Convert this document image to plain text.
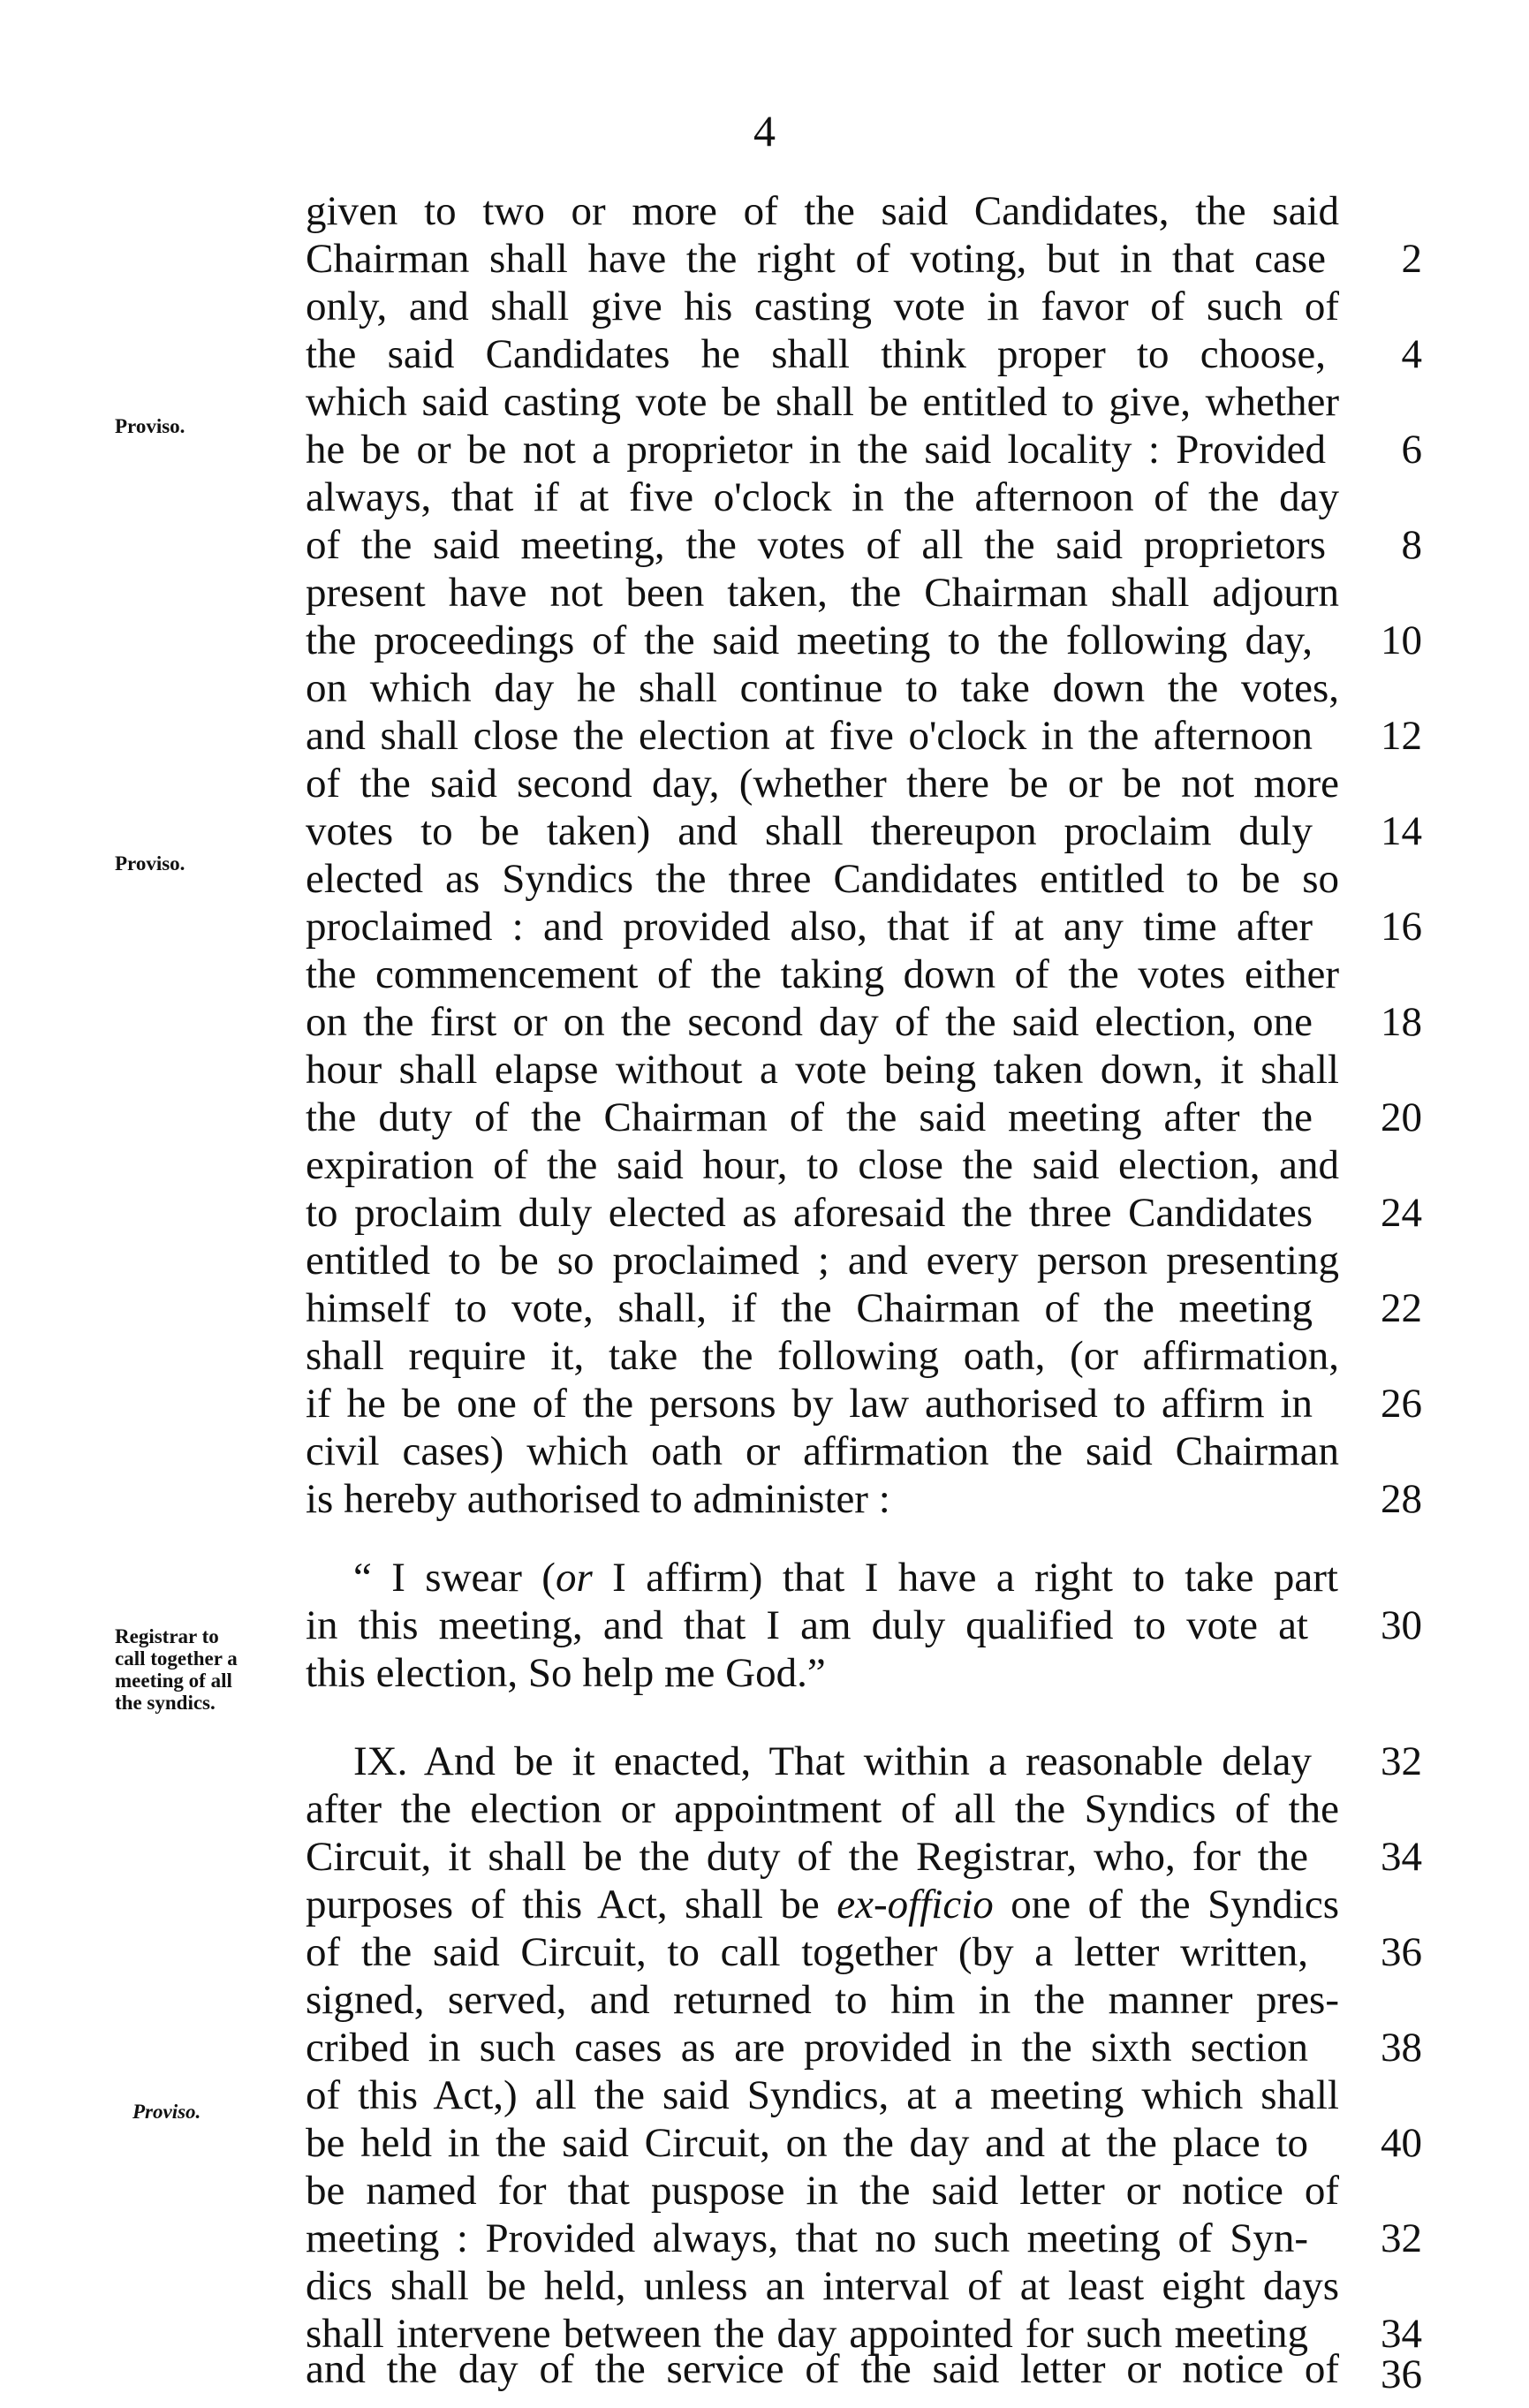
4
Proviso.
Proviso.
Registrar to
call together a
meeting of all
the syndics.
Proviso.
given to two or more of the said Candidates, the said
Chairman shall have the right of voting, but in that case
only, and shall give his casting vote in favor of such of
the said Candidates he shall think proper to choose,
which said casting vote be shall be entitled to give, whether
he be or be not a proprietor in the said locality : Provided
always, that if at five o'clock in the afternoon of the day
of the said meeting, the votes of all the said proprietors
present have not been taken, the Chairman shall adjourn
the proceedings of the said meeting to the following day,
on which day he shall continue to take down the votes,
and shall close the election at five o'clock in the afternoon
of the said second day, (whether there be or be not more
votes to be taken) and shall thereupon proclaim duly
elected as Syndics the three Candidates entitled to be so
proclaimed : and provided also, that if at any time after
the commencement of the taking down of the votes either
on the first or on the second day of the said election, one
hour shall elapse without a vote being taken down, it shall
the duty of the Chairman of the said meeting after the
expiration of the said hour, to close the said election, and
to proclaim duly elected as aforesaid the three Candidates
entitled to be so proclaimed ; and every person presenting
himself to vote, shall, if the Chairman of the meeting
shall require it, take the following oath, (or affirmation,
if he be one of the persons by law authorised to affirm in
civil cases) which oath or affirmation the said Chairman
is hereby authorised to administer :
“ I swear (or I affirm) that I have a right to take part
in this meeting, and that I am duly qualified to vote at
this election, So help me God.”
IX. And be it enacted, That within a reasonable delay
after the election or appointment of all the Syndics of the
Circuit, it shall be the duty of the Registrar, who, for the
purposes of this Act, shall be ex-officio one of the Syndics
of the said Circuit, to call together (by a letter written,
signed, served, and returned to him in the manner pres-
cribed in such cases as are provided in the sixth section
of this Act,) all the said Syndics, at a meeting which shall
be held in the said Circuit, on the day and at the place to
be named for that puspose in the said letter or notice of
meeting : Provided always, that no such meeting of Syn-
dics shall be held, unless an interval of at least eight days
shall intervene between the day appointed for such meeting
and the day of the service of the said letter or notice of
2
4
6
8
10
12
14
16
18
20
24
22
26
28
30
32
34
36
38
40
32
34
36
